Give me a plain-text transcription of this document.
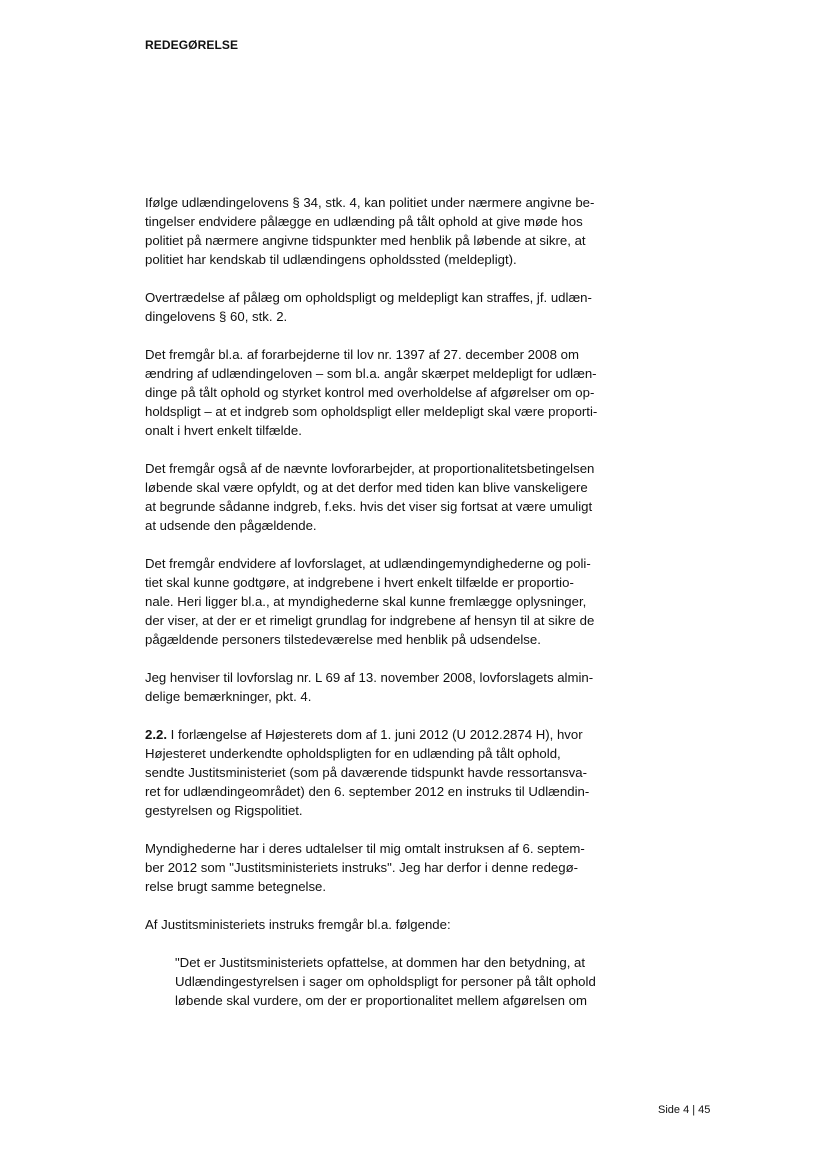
REDEGØRELSE
Ifølge udlændingelovens § 34, stk. 4, kan politiet under nærmere angivne be-
tingelser endvidere pålægge en udlænding på tålt ophold at give møde hos
politiet på nærmere angivne tidspunkter med henblik på løbende at sikre, at
politiet har kendskab til udlændingens opholdssted (meldepligt).
Overtrædelse af pålæg om opholdspligt og meldepligt kan straffes, jf. udlæn-
dingelovens § 60, stk. 2.
Det fremgår bl.a. af forarbejderne til lov nr. 1397 af 27. december 2008 om
ændring af udlændingeloven – som bl.a. angår skærpet meldepligt for udlæn-
dinge på tålt ophold og styrket kontrol med overholdelse af afgørelser om op-
holdspligt – at et indgreb som opholdspligt eller meldepligt skal være proporti-
onalt i hvert enkelt tilfælde.
Det fremgår også af de nævnte lovforarbejder, at proportionalitetsbetingelsen
løbende skal være opfyldt, og at det derfor med tiden kan blive vanskeligere
at begrunde sådanne indgreb, f.eks. hvis det viser sig fortsat at være umuligt
at udsende den pågældende.
Det fremgår endvidere af lovforslaget, at udlændingemyndighederne og poli-
tiet skal kunne godtgøre, at indgrebene i hvert enkelt tilfælde er proportio-
nale. Heri ligger bl.a., at myndighederne skal kunne fremlægge oplysninger,
der viser, at der er et rimeligt grundlag for indgrebene af hensyn til at sikre de
pågældende personers tilstedeværelse med henblik på udsendelse.
Jeg henviser til lovforslag nr. L 69 af 13. november 2008, lovforslagets almin-
delige bemærkninger, pkt. 4.
2.2. I forlængelse af Højesterets dom af 1. juni 2012 (U 2012.2874 H), hvor
Højesteret underkendte opholdspligten for en udlænding på tålt ophold,
sendte Justitsministeriet (som på daværende tidspunkt havde ressortansva-
ret for udlændingeområdet) den 6. september 2012 en instruks til Udlændin-
gestyrelsen og Rigspolitiet.
Myndighederne har i deres udtalelser til mig omtalt instruksen af 6. septem-
ber 2012 som "Justitsministeriets instruks". Jeg har derfor i denne redegø-
relse brugt samme betegnelse.
Af Justitsministeriets instruks fremgår bl.a. følgende:
"Det er Justitsministeriets opfattelse, at dommen har den betydning, at
Udlændingestyrelsen i sager om opholdspligt for personer på tålt ophold
løbende skal vurdere, om der er proportionalitet mellem afgørelsen om
Side 4 | 45
